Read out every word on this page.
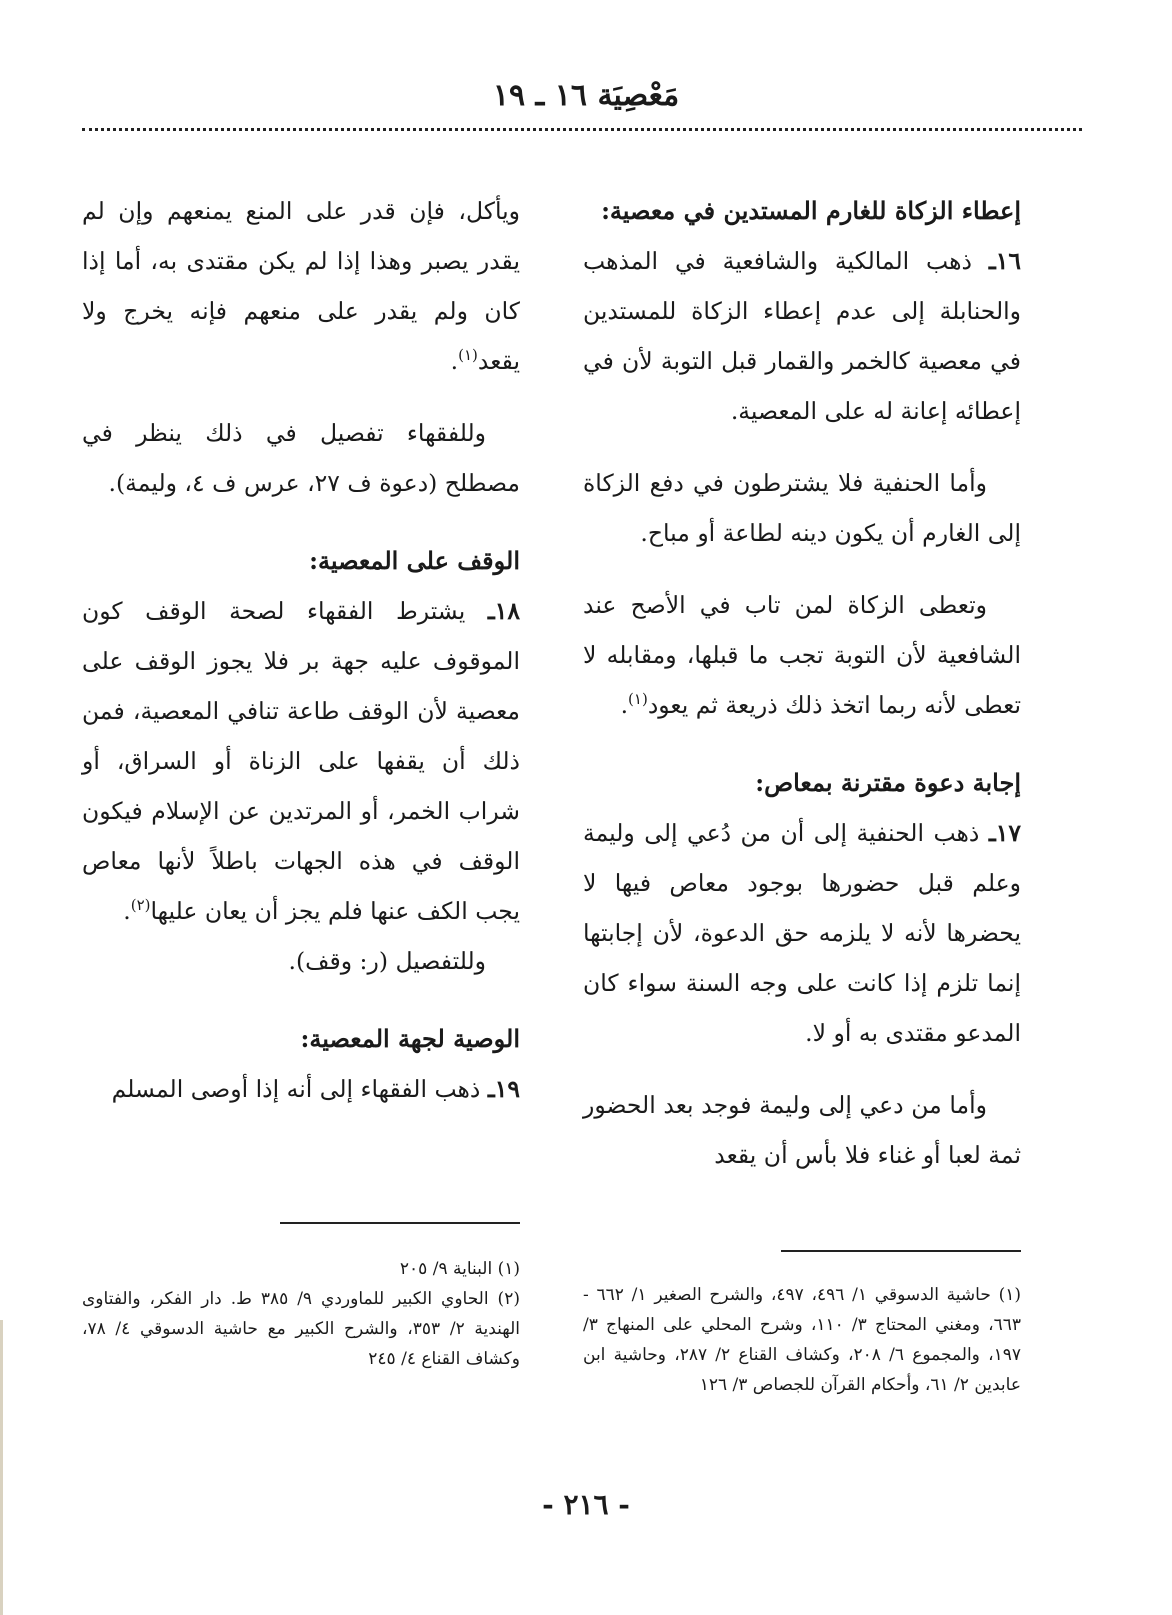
مَعْصِيَة ١٦ ـ ١٩

إعطاء الزكاة للغارم المستدين في معصية:

١٦ـ ذهب المالكية والشافعية في المذهب والحنابلة إلى عدم إعطاء الزكاة للمستدين في معصية كالخمر والقمار قبل التوبة لأن في إعطائه إعانة له على المعصية.

وأما الحنفية فلا يشترطون في دفع الزكاة إلى الغارم أن يكون دينه لطاعة أو مباح.

وتعطى الزكاة لمن تاب في الأصح عند الشافعية لأن التوبة تجب ما قبلها، ومقابله لا تعطى لأنه ربما اتخذ ذلك ذريعة ثم يعود$^{(١)}$.

إجابة دعوة مقترنة بمعاص:

١٧ـ ذهب الحنفية إلى أن من دُعي إلى وليمة وعلم قبل حضورها بوجود معاص فيها لا يحضرها لأنه لا يلزمه حق الدعوة، لأن إجابتها إنما تلزم إذا كانت على وجه السنة سواء كان المدعو مقتدى به أو لا.

وأما من دعي إلى وليمة فوجد بعد الحضور ثمة لعبا أو غناء فلا بأس أن يقعد

ويأكل، فإن قدر على المنع يمنعهم وإن لم يقدر يصبر وهذا إذا لم يكن مقتدى به، أما إذا كان ولم يقدر على منعهم فإنه يخرج ولا يقعد$^{(١)}$.

وللفقهاء تفصيل في ذلك ينظر في مصطلح (دعوة ف ٢٧، عرس ف ٤، وليمة).

الوقف على المعصية:

١٨ـ يشترط الفقهاء لصحة الوقف كون الموقوف عليه جهة بر فلا يجوز الوقف على معصية لأن الوقف طاعة تنافي المعصية، فمن ذلك أن يقفها على الزناة أو السراق، أو شراب الخمر، أو المرتدين عن الإسلام فيكون الوقف في هذه الجهات باطلاً لأنها معاص يجب الكف عنها فلم يجز أن يعان عليها$^{(٢)}$.

وللتفصيل (ر: وقف).

الوصية لجهة المعصية:

١٩ـ ذهب الفقهاء إلى أنه إذا أوصى المسلم

(١) حاشية الدسوقي ١/ ٤٩٦، ٤٩٧، والشرح الصغير ١/ ٦٦٢ - ٦٦٣، ومغني المحتاج ٣/ ١١٠، وشرح المحلي على المنهاج ٣/ ١٩٧، والمجموع ٦/ ٢٠٨، وكشاف القناع ٢/ ٢٨٧، وحاشية ابن عابدين ٢/ ٦١، وأحكام القرآن للجصاص ٣/ ١٢٦

(١) البناية ٩/ ٢٠٥

(٢) الحاوي الكبير للماوردي ٩/ ٣٨٥ ط. دار الفكر، والفتاوى الهندية ٢/ ٣٥٣، والشرح الكبير مع حاشية الدسوقي ٤/ ٧٨، وكشاف القناع ٤/ ٢٤٥

- ٢١٦ -
